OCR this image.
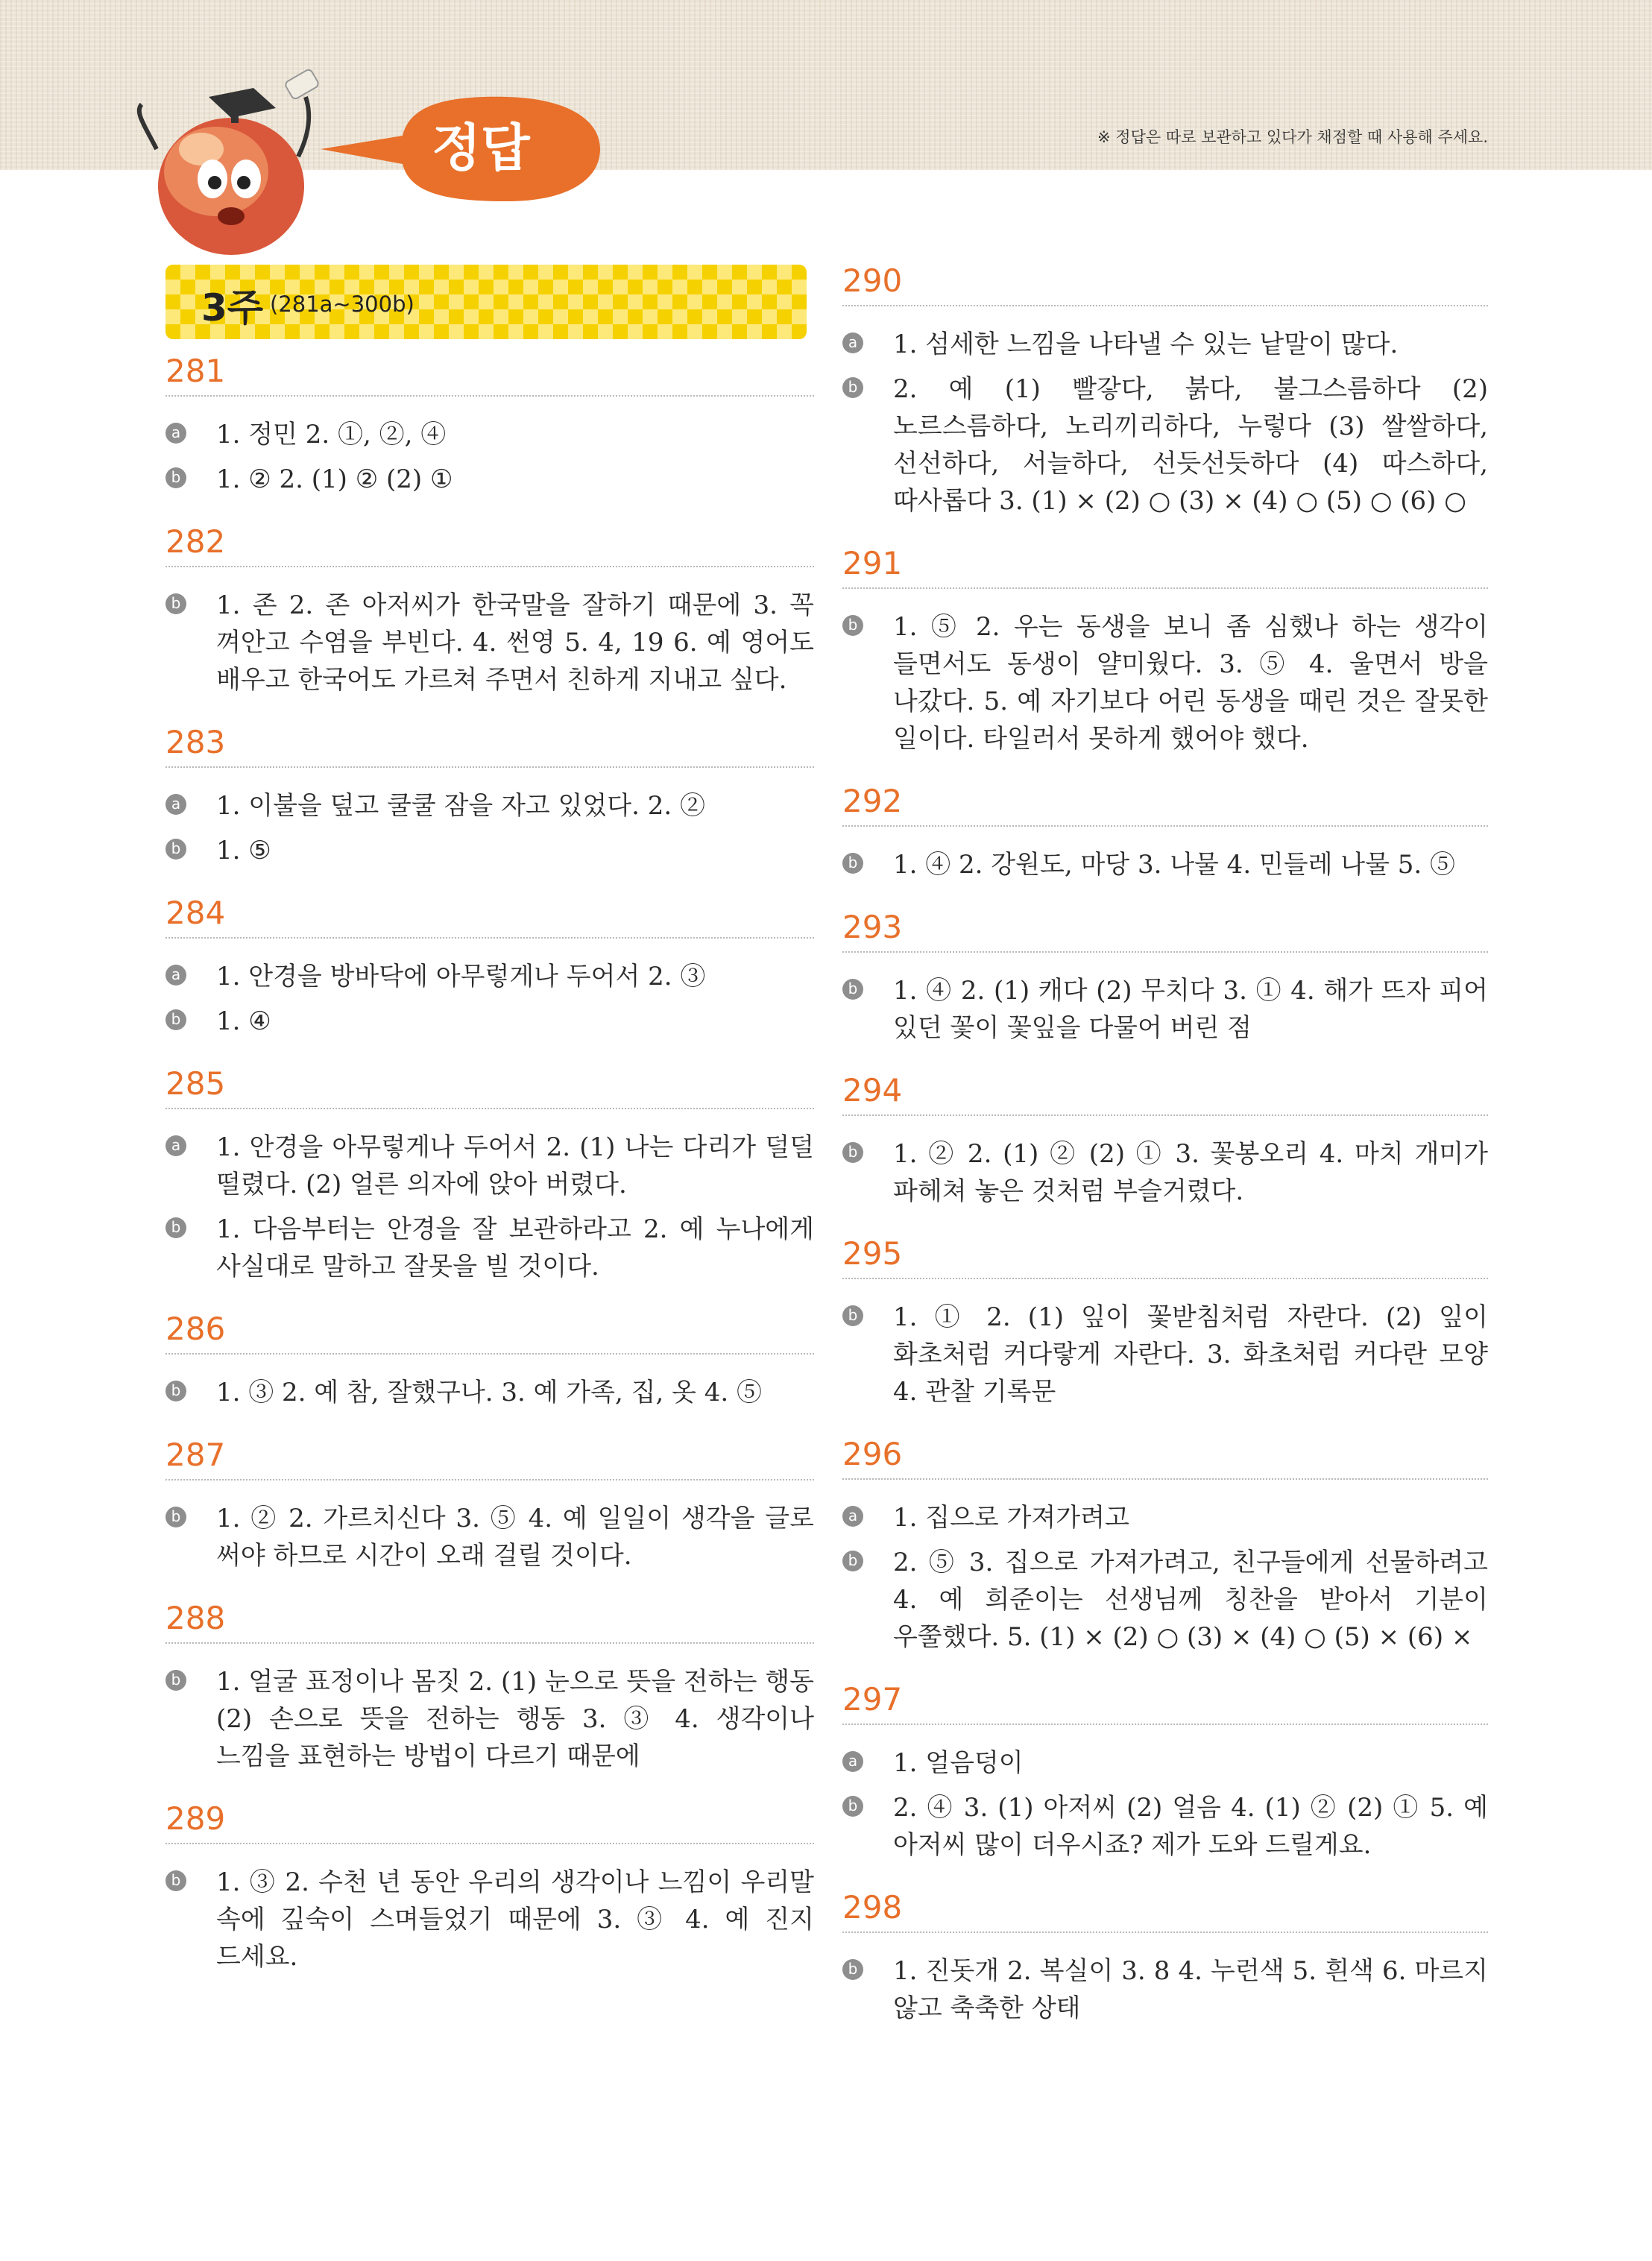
정답	※ 정답은 따로 보관하고 있다가 채점할 때 사용해 주세요.
3주 (281a~300b)
281
a 1. 정민 2. ①, ②, ④
b 1. ② 2. (1) ② (2) ①
282
b 1. 존 2. 존 아저씨가 한국말을 잘하기 때문에 3. 꼭 껴안고 수염을 부빈다. 4. 썬영 5. 4, 19 6. 예 영어도 배우고 한국어도 가르쳐 주면서 친하게 지내고 싶다.
283
a 1. 이불을 덮고 쿨쿨 잠을 자고 있었다. 2. ②
b 1. ⑤
284
a 1. 안경을 방바닥에 아무렇게나 두어서 2. ③
b 1. ④
285
a 1. 안경을 아무렇게나 두어서 2. (1) 나는 다리가 덜덜 떨렸다. (2) 얼른 의자에 앉아 버렸다.
b 1. 다음부터는 안경을 잘 보관하라고 2. 예 누나에게 사실대로 말하고 잘못을 빌 것이다.
286
b 1. ③ 2. 예 참, 잘했구나. 3. 예 가족, 집, 옷 4. ⑤
287
b 1. ② 2. 가르치신다 3. ⑤ 4. 예 일일이 생각을 글로 써야 하므로 시간이 오래 걸릴 것이다.
288
b 1. 얼굴 표정이나 몸짓 2. (1) 눈으로 뜻을 전하는 행동 (2) 손으로 뜻을 전하는 행동 3. ③ 4. 생각이나 느낌을 표현하는 방법이 다르기 때문에
289
b 1. ③ 2. 수천 년 동안 우리의 생각이나 느낌이 우리말 속에 깊숙이 스며들었기 때문에 3. ③ 4. 예 진지 드세요.
290
a 1. 섬세한 느낌을 나타낼 수 있는 낱말이 많다.
b 2. 예 (1) 빨갛다, 붉다, 불그스름하다 (2) 노르스름하다, 노리끼리하다, 누렇다 (3) 쌀쌀하다, 선선하다, 서늘하다, 선듯선듯하다 (4) 따스하다, 따사롭다 3. (1) × (2) ○ (3) × (4) ○ (5) ○ (6) ○
291
b 1. ⑤ 2. 우는 동생을 보니 좀 심했나 하는 생각이 들면서도 동생이 얄미웠다. 3. ⑤ 4. 울면서 방을 나갔다. 5. 예 자기보다 어린 동생을 때린 것은 잘못한 일이다. 타일러서 못하게 했어야 했다.
292
b 1. ④ 2. 강원도, 마당 3. 나물 4. 민들레 나물 5. ⑤
293
b 1. ④ 2. (1) 캐다 (2) 무치다 3. ① 4. 해가 뜨자 피어 있던 꽃이 꽃잎을 다물어 버린 점
294
b 1. ② 2. (1) ② (2) ① 3. 꽃봉오리 4. 마치 개미가 파헤쳐 놓은 것처럼 부슬거렸다.
295
b 1. ① 2. (1) 잎이 꽃받침처럼 자란다. (2) 잎이 화초처럼 커다랗게 자란다. 3. 화초처럼 커다란 모양 4. 관찰 기록문
296
a 1. 집으로 가져가려고
b 2. ⑤ 3. 집으로 가져가려고, 친구들에게 선물하려고 4. 예 희준이는 선생님께 칭찬을 받아서 기분이 우쭐했다. 5. (1) × (2) ○ (3) × (4) ○ (5) × (6) ×
297
a 1. 얼음덩이
b 2. ④ 3. (1) 아저씨 (2) 얼음 4. (1) ② (2) ① 5. 예 아저씨 많이 더우시죠? 제가 도와 드릴게요.
298
b 1. 진돗개 2. 복실이 3. 8 4. 누런색 5. 흰색 6. 마르지 않고 축축한 상태
